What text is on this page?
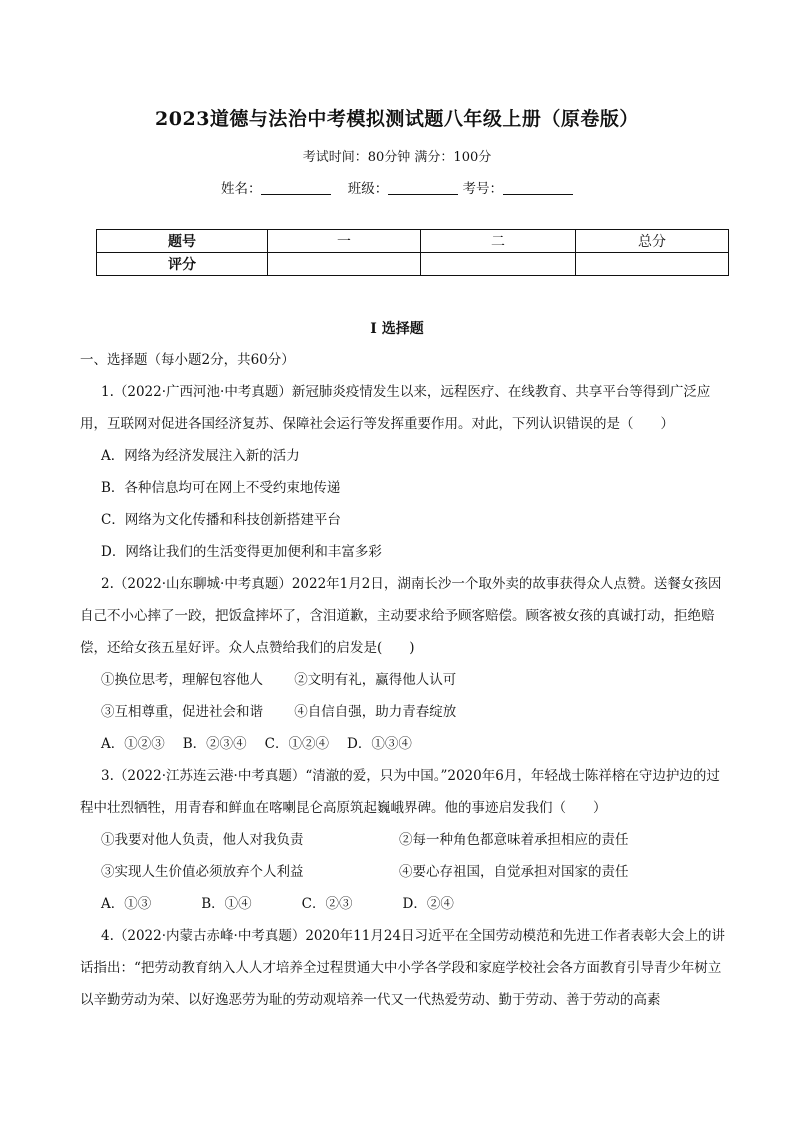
2023道德与法治中考模拟测试题八年级上册（原卷版）
考试时间：80分钟 满分：100分
姓名：	班级：	考号：
题号	一	二	总分
评分			
I 选择题

一、选择题（每小题2分，共60分）

1.（2022·广西河池·中考真题）新冠肺炎疫情发生以来，远程医疗、在线教育、共享平台等得到广泛应用，互联网对促进各国经济复苏、保障社会运行等发挥重要作用。对此，下列认识错误的是（　　）

A．网络为经济发展注入新的活力

B．各种信息均可在网上不受约束地传递

C．网络为文化传播和科技创新搭建平台

D．网络让我们的生活变得更加便利和丰富多彩

2.（2022·山东聊城·中考真题）2022年1月2日，湖南长沙一个取外卖的故事获得众人点赞。送餐女孩因自己不小心摔了一跤，把饭盒摔坏了，含泪道歉，主动要求给予顾客赔偿。顾客被女孩的真诚打动，拒绝赔偿，还给女孩五星好评。众人点赞给我们的启发是(　　)

①换位思考，理解包容他人　　 ②文明有礼，赢得他人认可

③互相尊重，促进社会和谐　　 ④自信自强，助力青春绽放

A．①②③ B．②③④ C．①②④ D．①③④

3.（2022·江苏连云港·中考真题）“清澈的爱，只为中国。”2020年6月，年轻战士陈祥榕在守边护边的过程中壮烈牺牲，用青春和鲜血在喀喇昆仑高原筑起巍峨界碑。他的事迹启发我们（　　）

①我要对他人负责，他人对我负责	②每一种角色都意味着承担相应的责任

③实现人生价值必须放弃个人利益	④要心存祖国，自觉承担对国家的责任

A．①③	B．①④	C．②③	D．②④

4.（2022·内蒙古赤峰·中考真题）2020年11月24日习近平在全国劳动模范和先进工作者表彰大会上的讲话指出：“把劳动教育纳入人人才培养全过程贯通大中小学各学段和家庭学校社会各方面教育引导青少年树立以辛勤劳动为荣、以好逸恶劳为耻的劳动观培养一代又一代热爱劳动、勤于劳动、善于劳动的高素
